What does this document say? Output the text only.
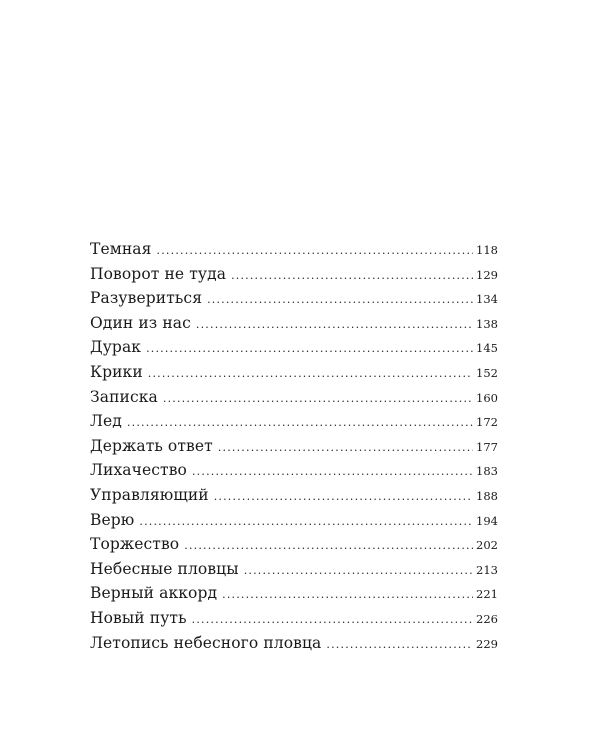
Темная .....	118
Поворот не туда .....	129
Разувериться .....	134
Один из нас .....	138
Дурак .....	145
Крики .....	152
Записка .....	160
Лед .....	172
Держать ответ .....	177
Лихачество .....	183
Управляющий .....	188
Верю .....	194
Торжество .....	202
Небесные пловцы .....	213
Верный аккорд .....	221
Новый путь .....	226
Летопись небесного пловца .....	229
